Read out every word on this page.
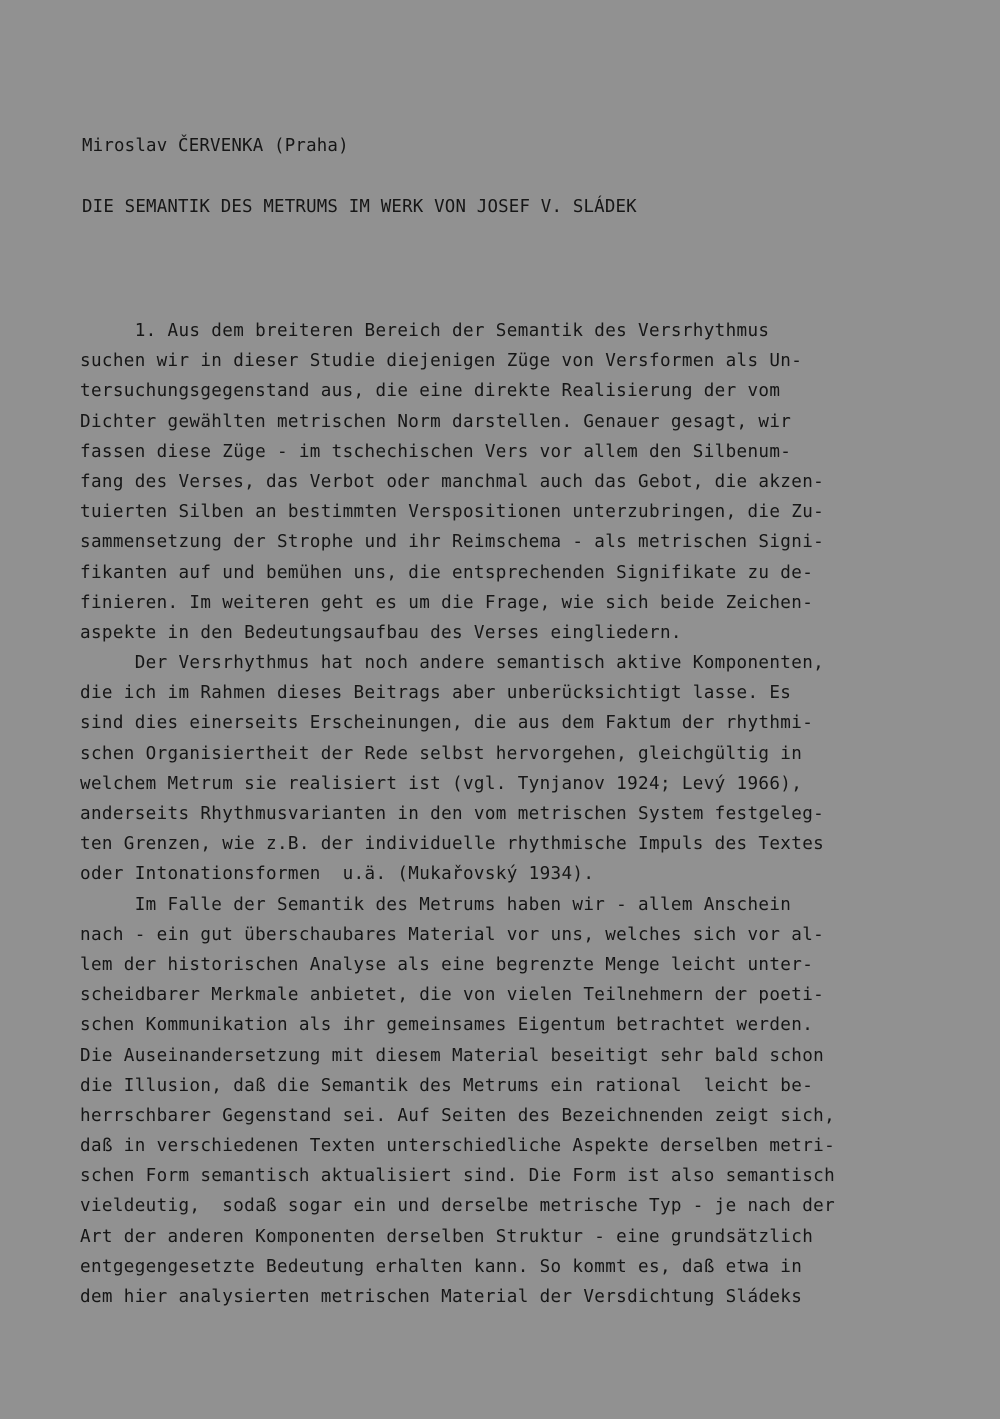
Miroslav ČERVENKA (Praha)
DIE SEMANTIK DES METRUMS IM WERK VON JOSEF V. SLÁDEK
1. Aus dem breiteren Bereich der Semantik des Versrhythmus
suchen wir in dieser Studie diejenigen Züge von Versformen als Un-
tersuchungsgegenstand aus, die eine direkte Realisierung der vom
Dichter gewählten metrischen Norm darstellen. Genauer gesagt, wir
fassen diese Züge - im tschechischen Vers vor allem den Silbenum-
fang des Verses, das Verbot oder manchmal auch das Gebot, die akzen-
tuierten Silben an bestimmten Verspositionen unterzubringen, die Zu-
sammensetzung der Strophe und ihr Reimschema - als metrischen Signi-
fikanten auf und bemühen uns, die entsprechenden Signifikate zu de-
finieren. Im weiteren geht es um die Frage, wie sich beide Zeichen-
aspekte in den Bedeutungsaufbau des Verses eingliedern.
Der Versrhythmus hat noch andere semantisch aktive Komponenten,
die ich im Rahmen dieses Beitrags aber unberücksichtigt lasse. Es
sind dies einerseits Erscheinungen, die aus dem Faktum der rhythmi-
schen Organisiertheit der Rede selbst hervorgehen, gleichgültig in
welchem Metrum sie realisiert ist (vgl. Tynjanov 1924; Levý 1966),
anderseits Rhythmusvarianten in den vom metrischen System festgeleg-
ten Grenzen, wie z.B. der individuelle rhythmische Impuls des Textes
oder Intonationsformen  u.ä. (Mukařovský 1934).
Im Falle der Semantik des Metrums haben wir - allem Anschein
nach - ein gut überschaubares Material vor uns, welches sich vor al-
lem der historischen Analyse als eine begrenzte Menge leicht unter-
scheidbarer Merkmale anbietet, die von vielen Teilnehmern der poeti-
schen Kommunikation als ihr gemeinsames Eigentum betrachtet werden.
Die Auseinandersetzung mit diesem Material beseitigt sehr bald schon
die Illusion, daß die Semantik des Metrums ein rational  leicht be-
herrschbarer Gegenstand sei. Auf Seiten des Bezeichnenden zeigt sich,
daß in verschiedenen Texten unterschiedliche Aspekte derselben metri-
schen Form semantisch aktualisiert sind. Die Form ist also semantisch
vieldeutig,  sodaß sogar ein und derselbe metrische Typ - je nach der
Art der anderen Komponenten derselben Struktur - eine grundsätzlich
entgegengesetzte Bedeutung erhalten kann. So kommt es, daß etwa in
dem hier analysierten metrischen Material der Versdichtung Sládeks
